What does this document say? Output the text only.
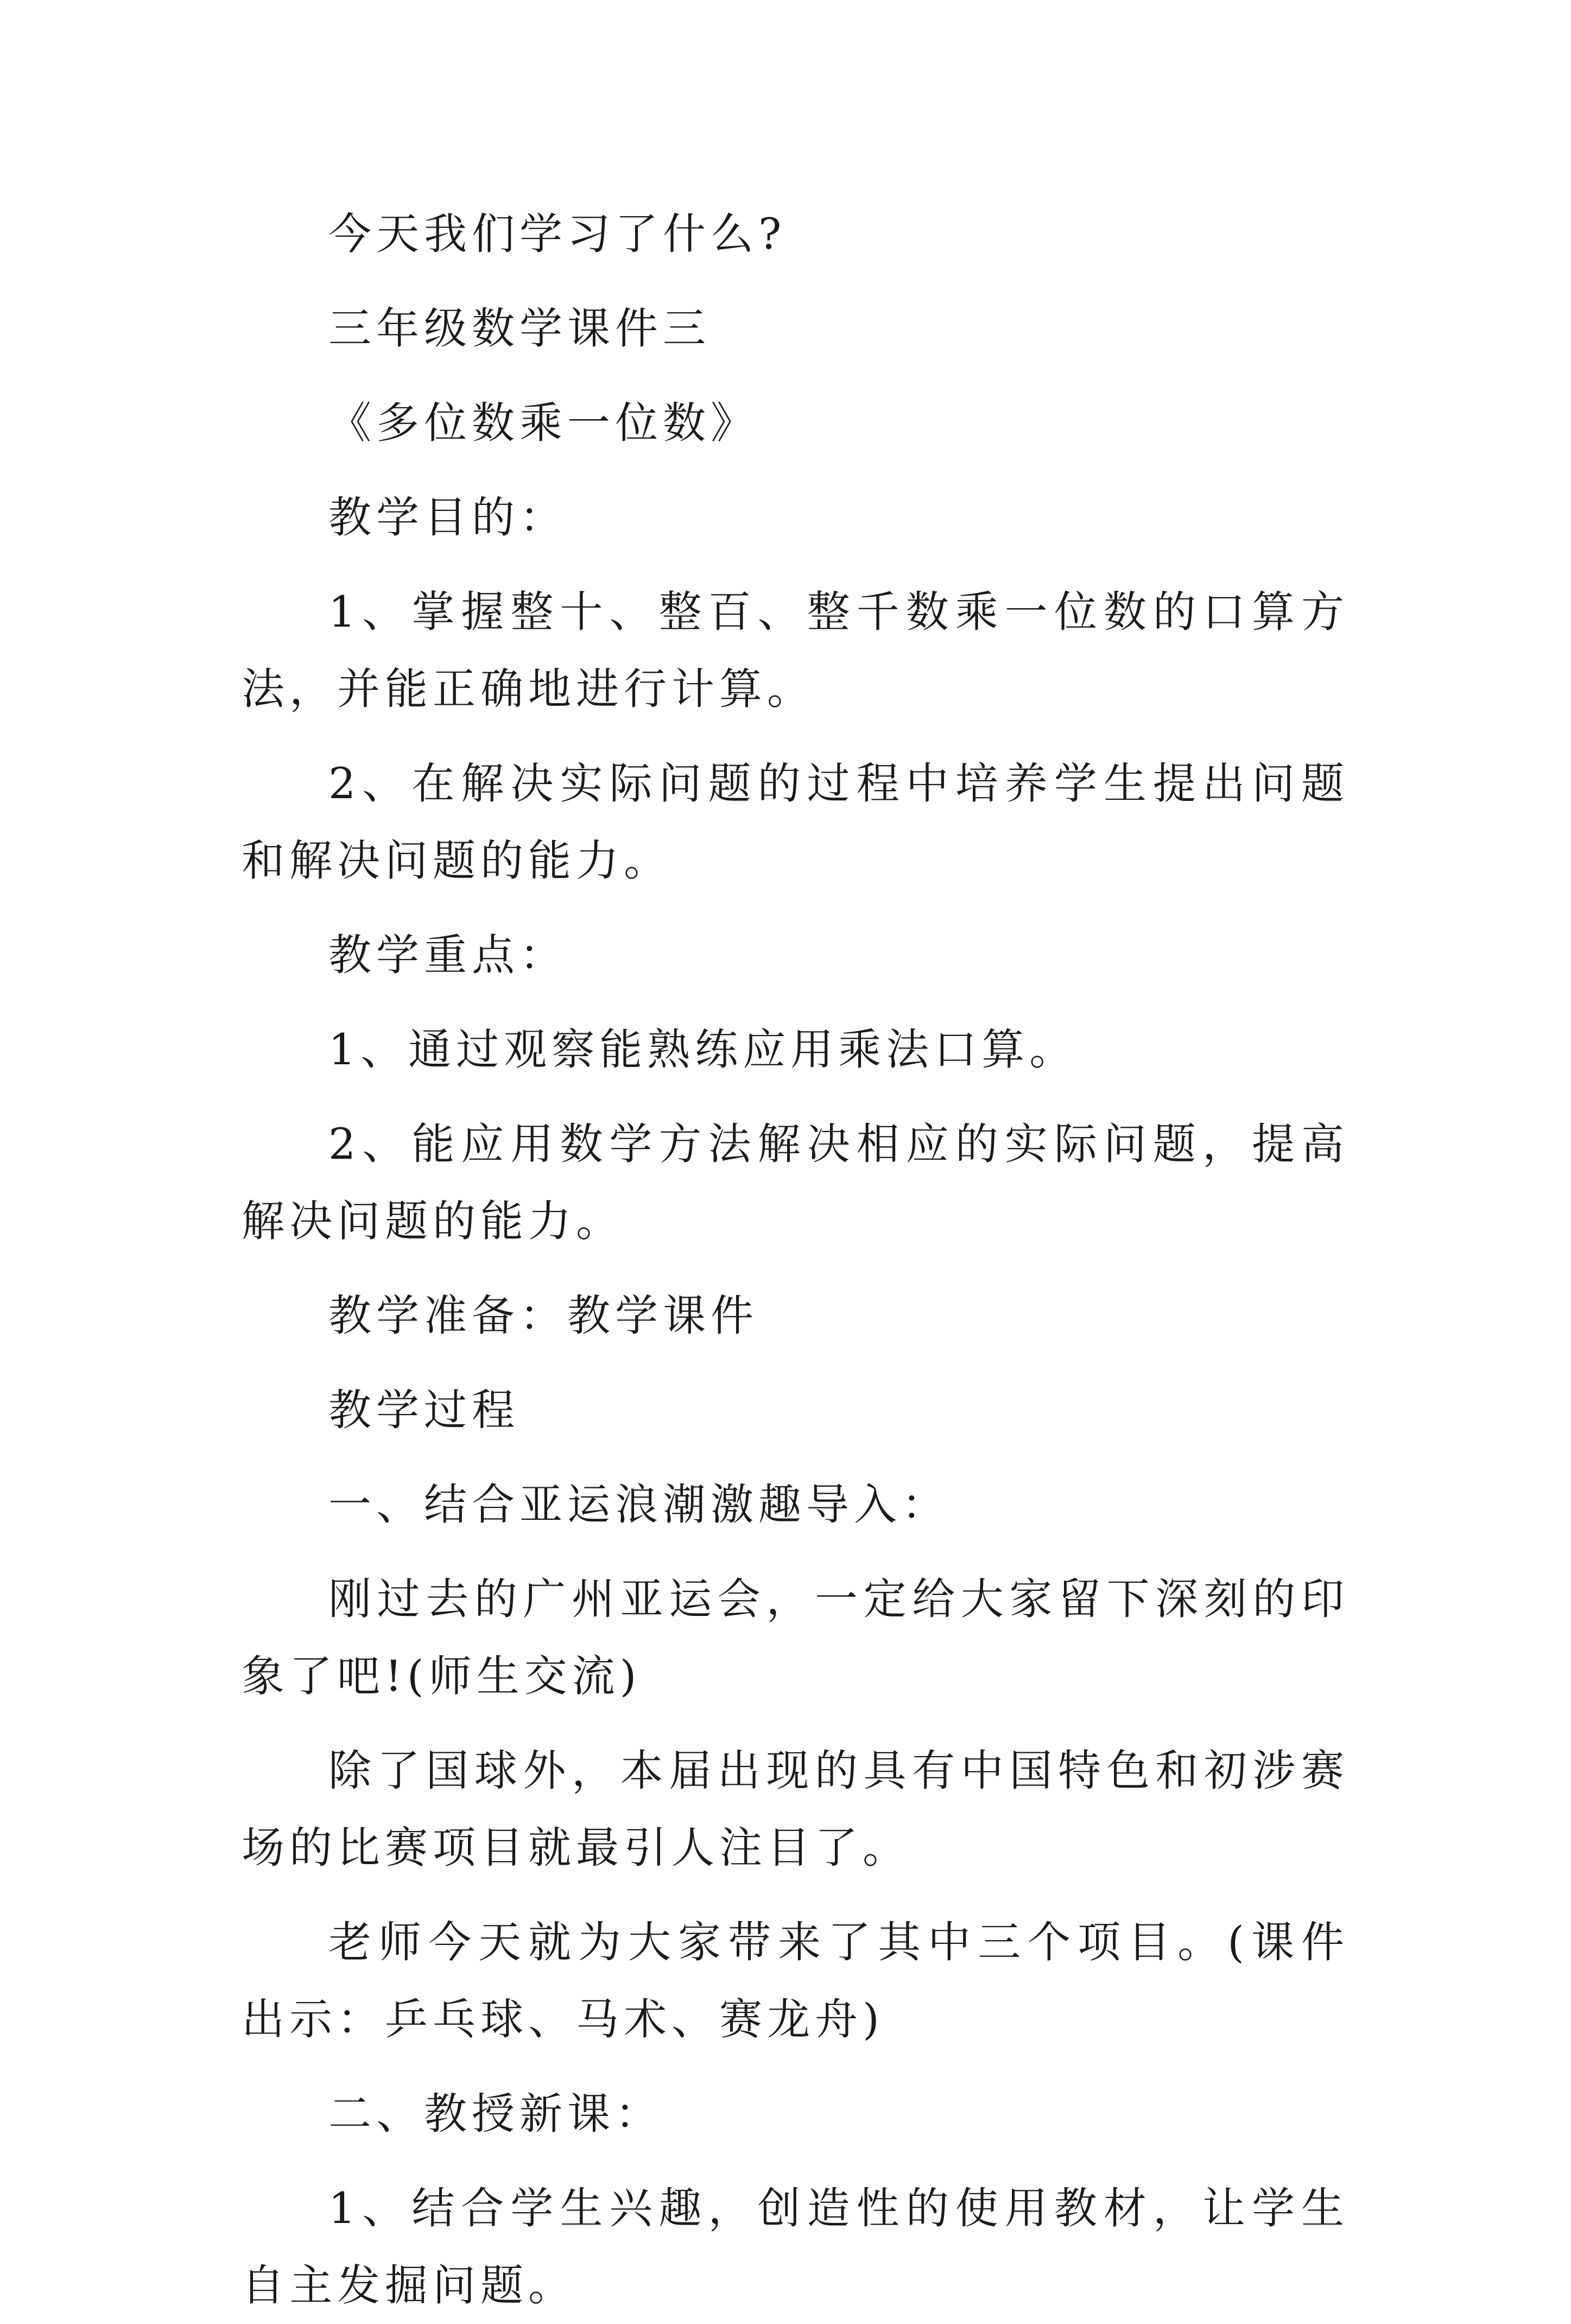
今天我们学习了什么?

三年级数学课件三

《多位数乘一位数》

教学目的：

1、掌握整十、整百、整千数乘一位数的口算方法，并能正确地进行计算。

2、在解决实际问题的过程中培养学生提出问题和解决问题的能力。

教学重点：

1、通过观察能熟练应用乘法口算。

2、能应用数学方法解决相应的实际问题，提高解决问题的能力。

教学准备：教学课件

教学过程

一、结合亚运浪潮激趣导入：

刚过去的广州亚运会，一定给大家留下深刻的印象了吧!(师生交流)

除了国球外，本届出现的具有中国特色和初涉赛场的比赛项目就最引人注目了。

老师今天就为大家带来了其中三个项目。(课件出示：乒乓球、马术、赛龙舟)

二、教授新课：

1、结合学生兴趣，创造性的使用教材，让学生自主发掘问题。
